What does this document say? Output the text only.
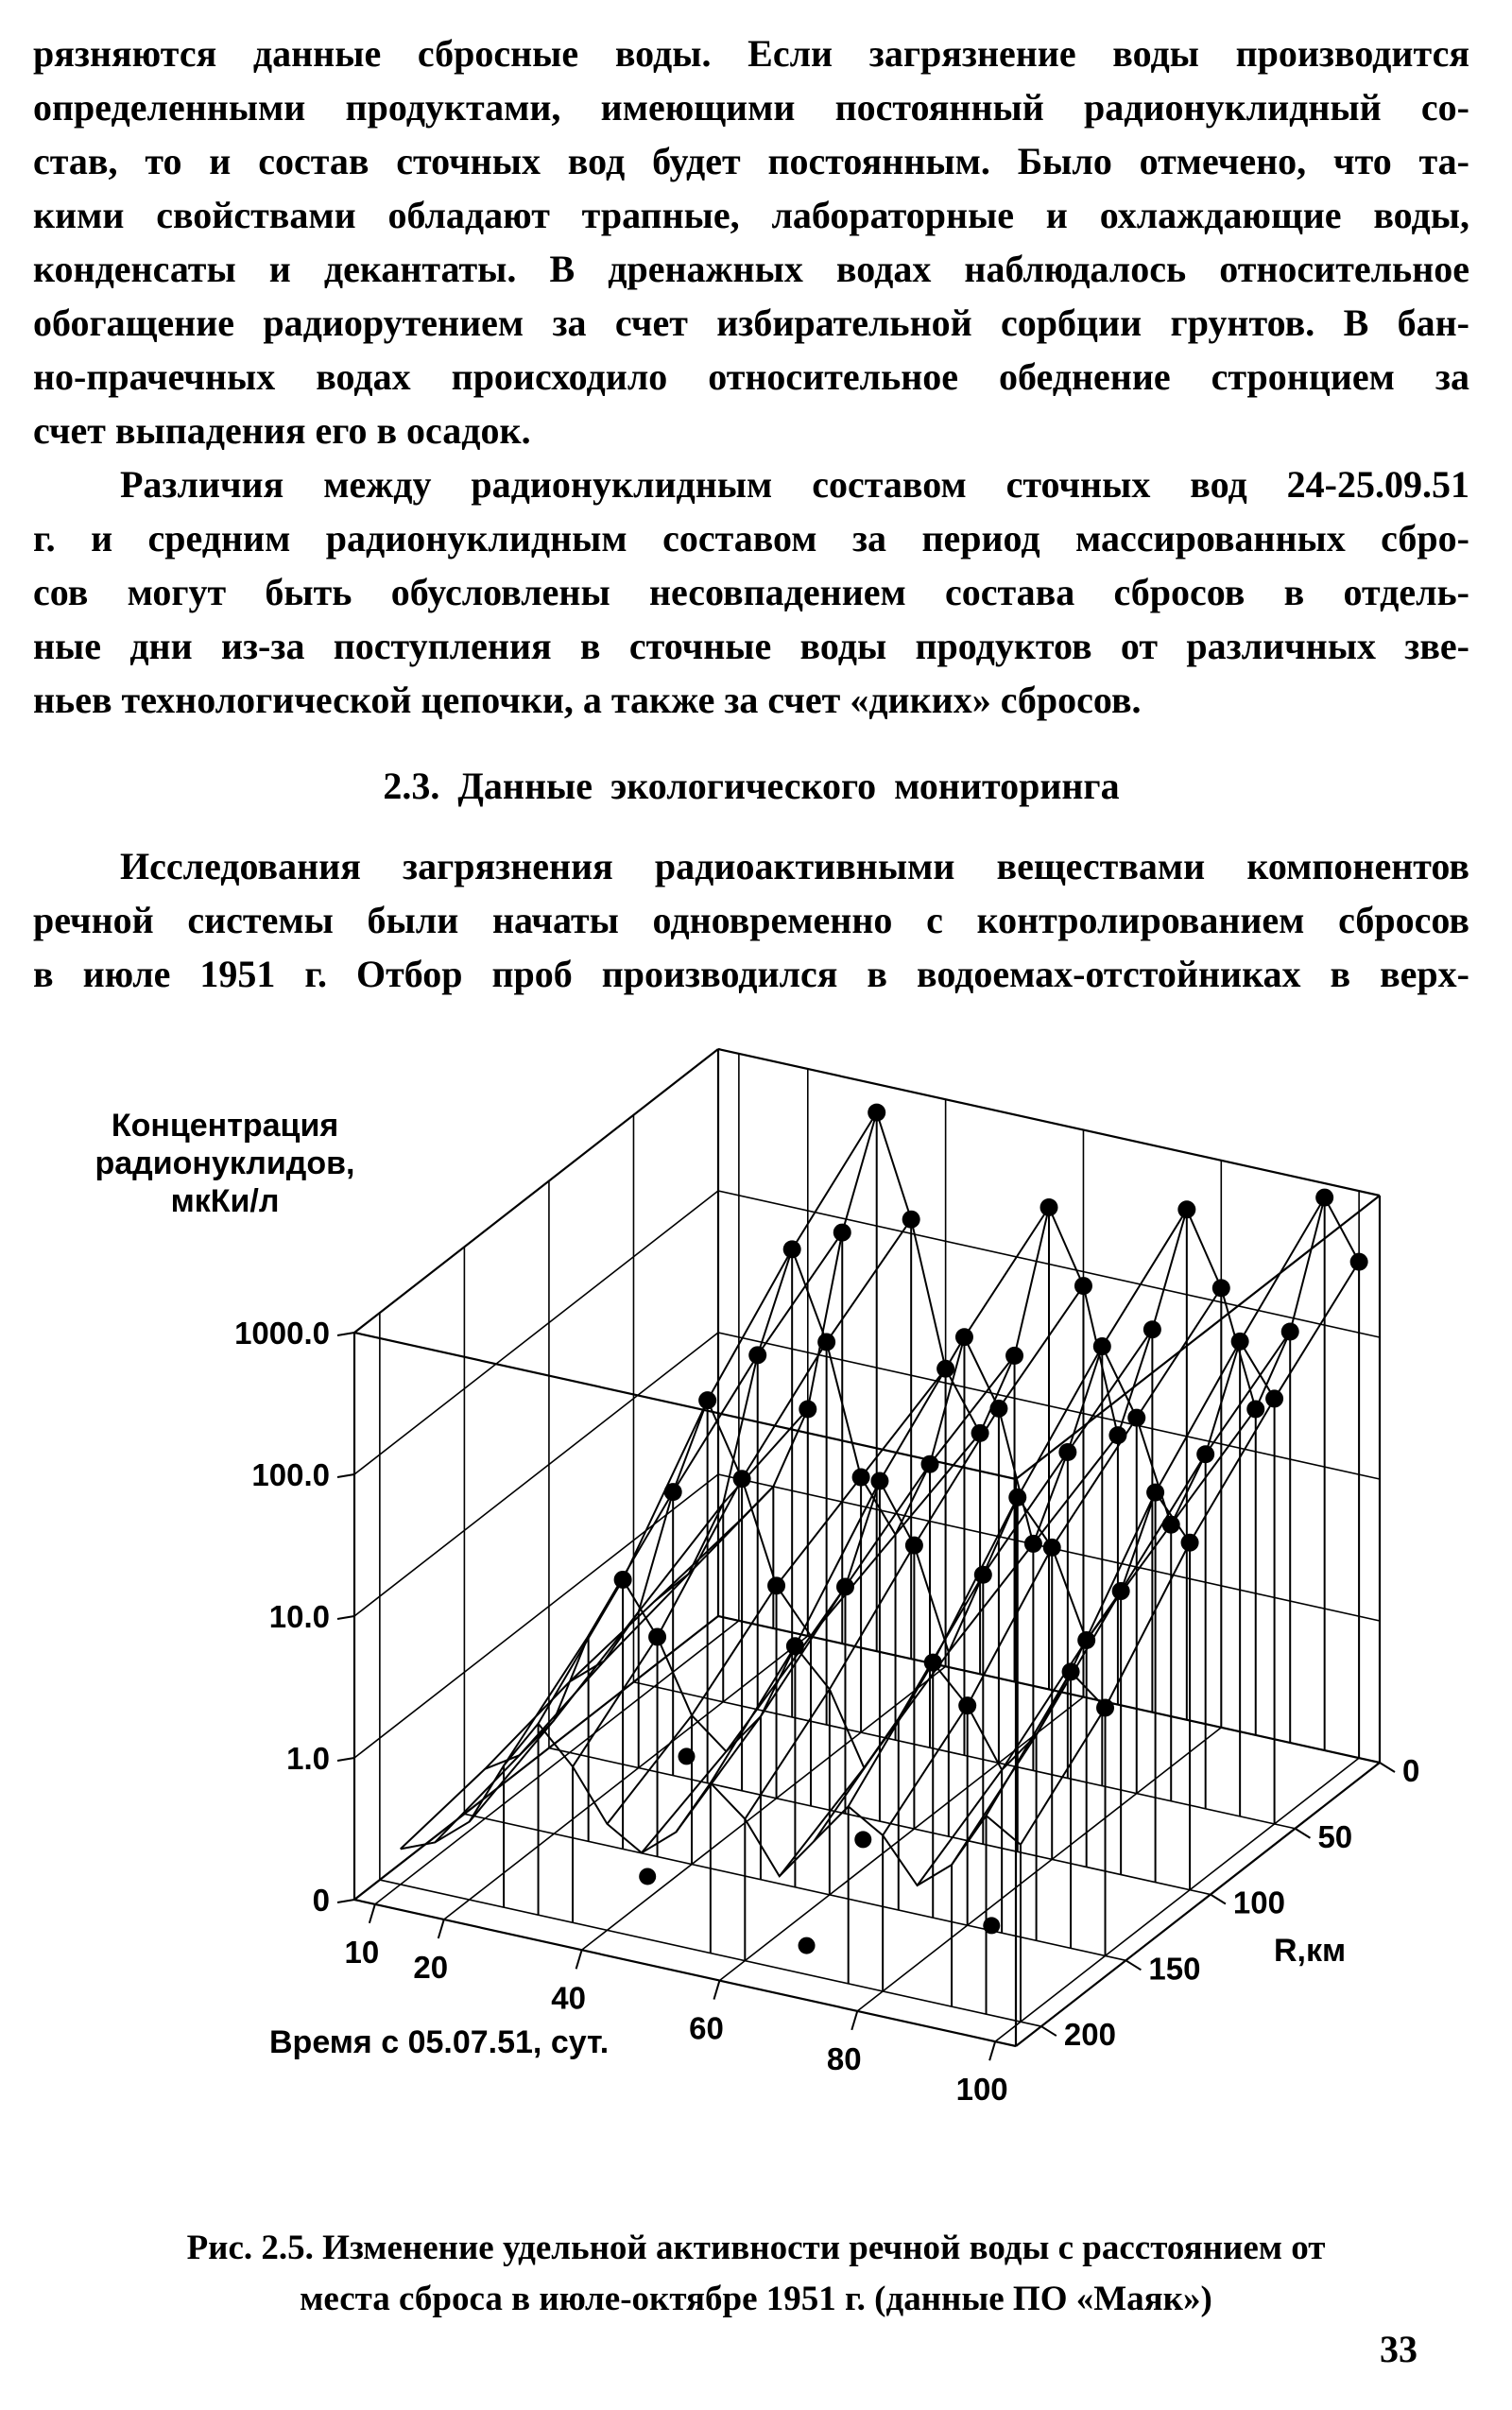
рязняются данные сбросные воды. Если загрязнение воды производится
определенными продуктами, имеющими постоянный радионуклидный со-
став, то и состав сточных вод будет постоянным. Было отмечено, что та-
кими свойствами обладают трапные, лабораторные и охлаждающие воды,
конденсаты и декантаты. В дренажных водах наблюдалось относительное
обогащение радиорутением за счет избирательной сорбции грунтов. В бан-
но-прачечных водах происходило относительное обеднение стронцием за
счет выпадения его в осадок.
Различия между радионуклидным составом сточных вод 24-25.09.51
г. и средним радионуклидным составом за период массированных сбро-
сов могут быть обусловлены несовпадением состава сбросов в отдель-
ные дни из-за поступления в сточные воды продуктов от различных зве-
ньев технологической цепочки, а также за счет «диких» сбросов.
2.3. Данные экологического мониторинга
Исследования загрязнения радиоактивными веществами компонентов
речной системы были начаты одновременно с контролированием сбросов
в июле 1951 г. Отбор проб производился в водоемах-отстойниках в верх-
0
1.0
10.0
100.0
1000.0
10 20
40
60
80
100
0
50
100
150
200
Концентрация
радионуклидов,
мкКи/л
Время с 05.07.51, сут.
R,км
Рис. 2.5. Изменение удельной активности речной воды с расстоянием от
места сброса в июле-октябре 1951 г. (данные ПО «Маяк»)
33
